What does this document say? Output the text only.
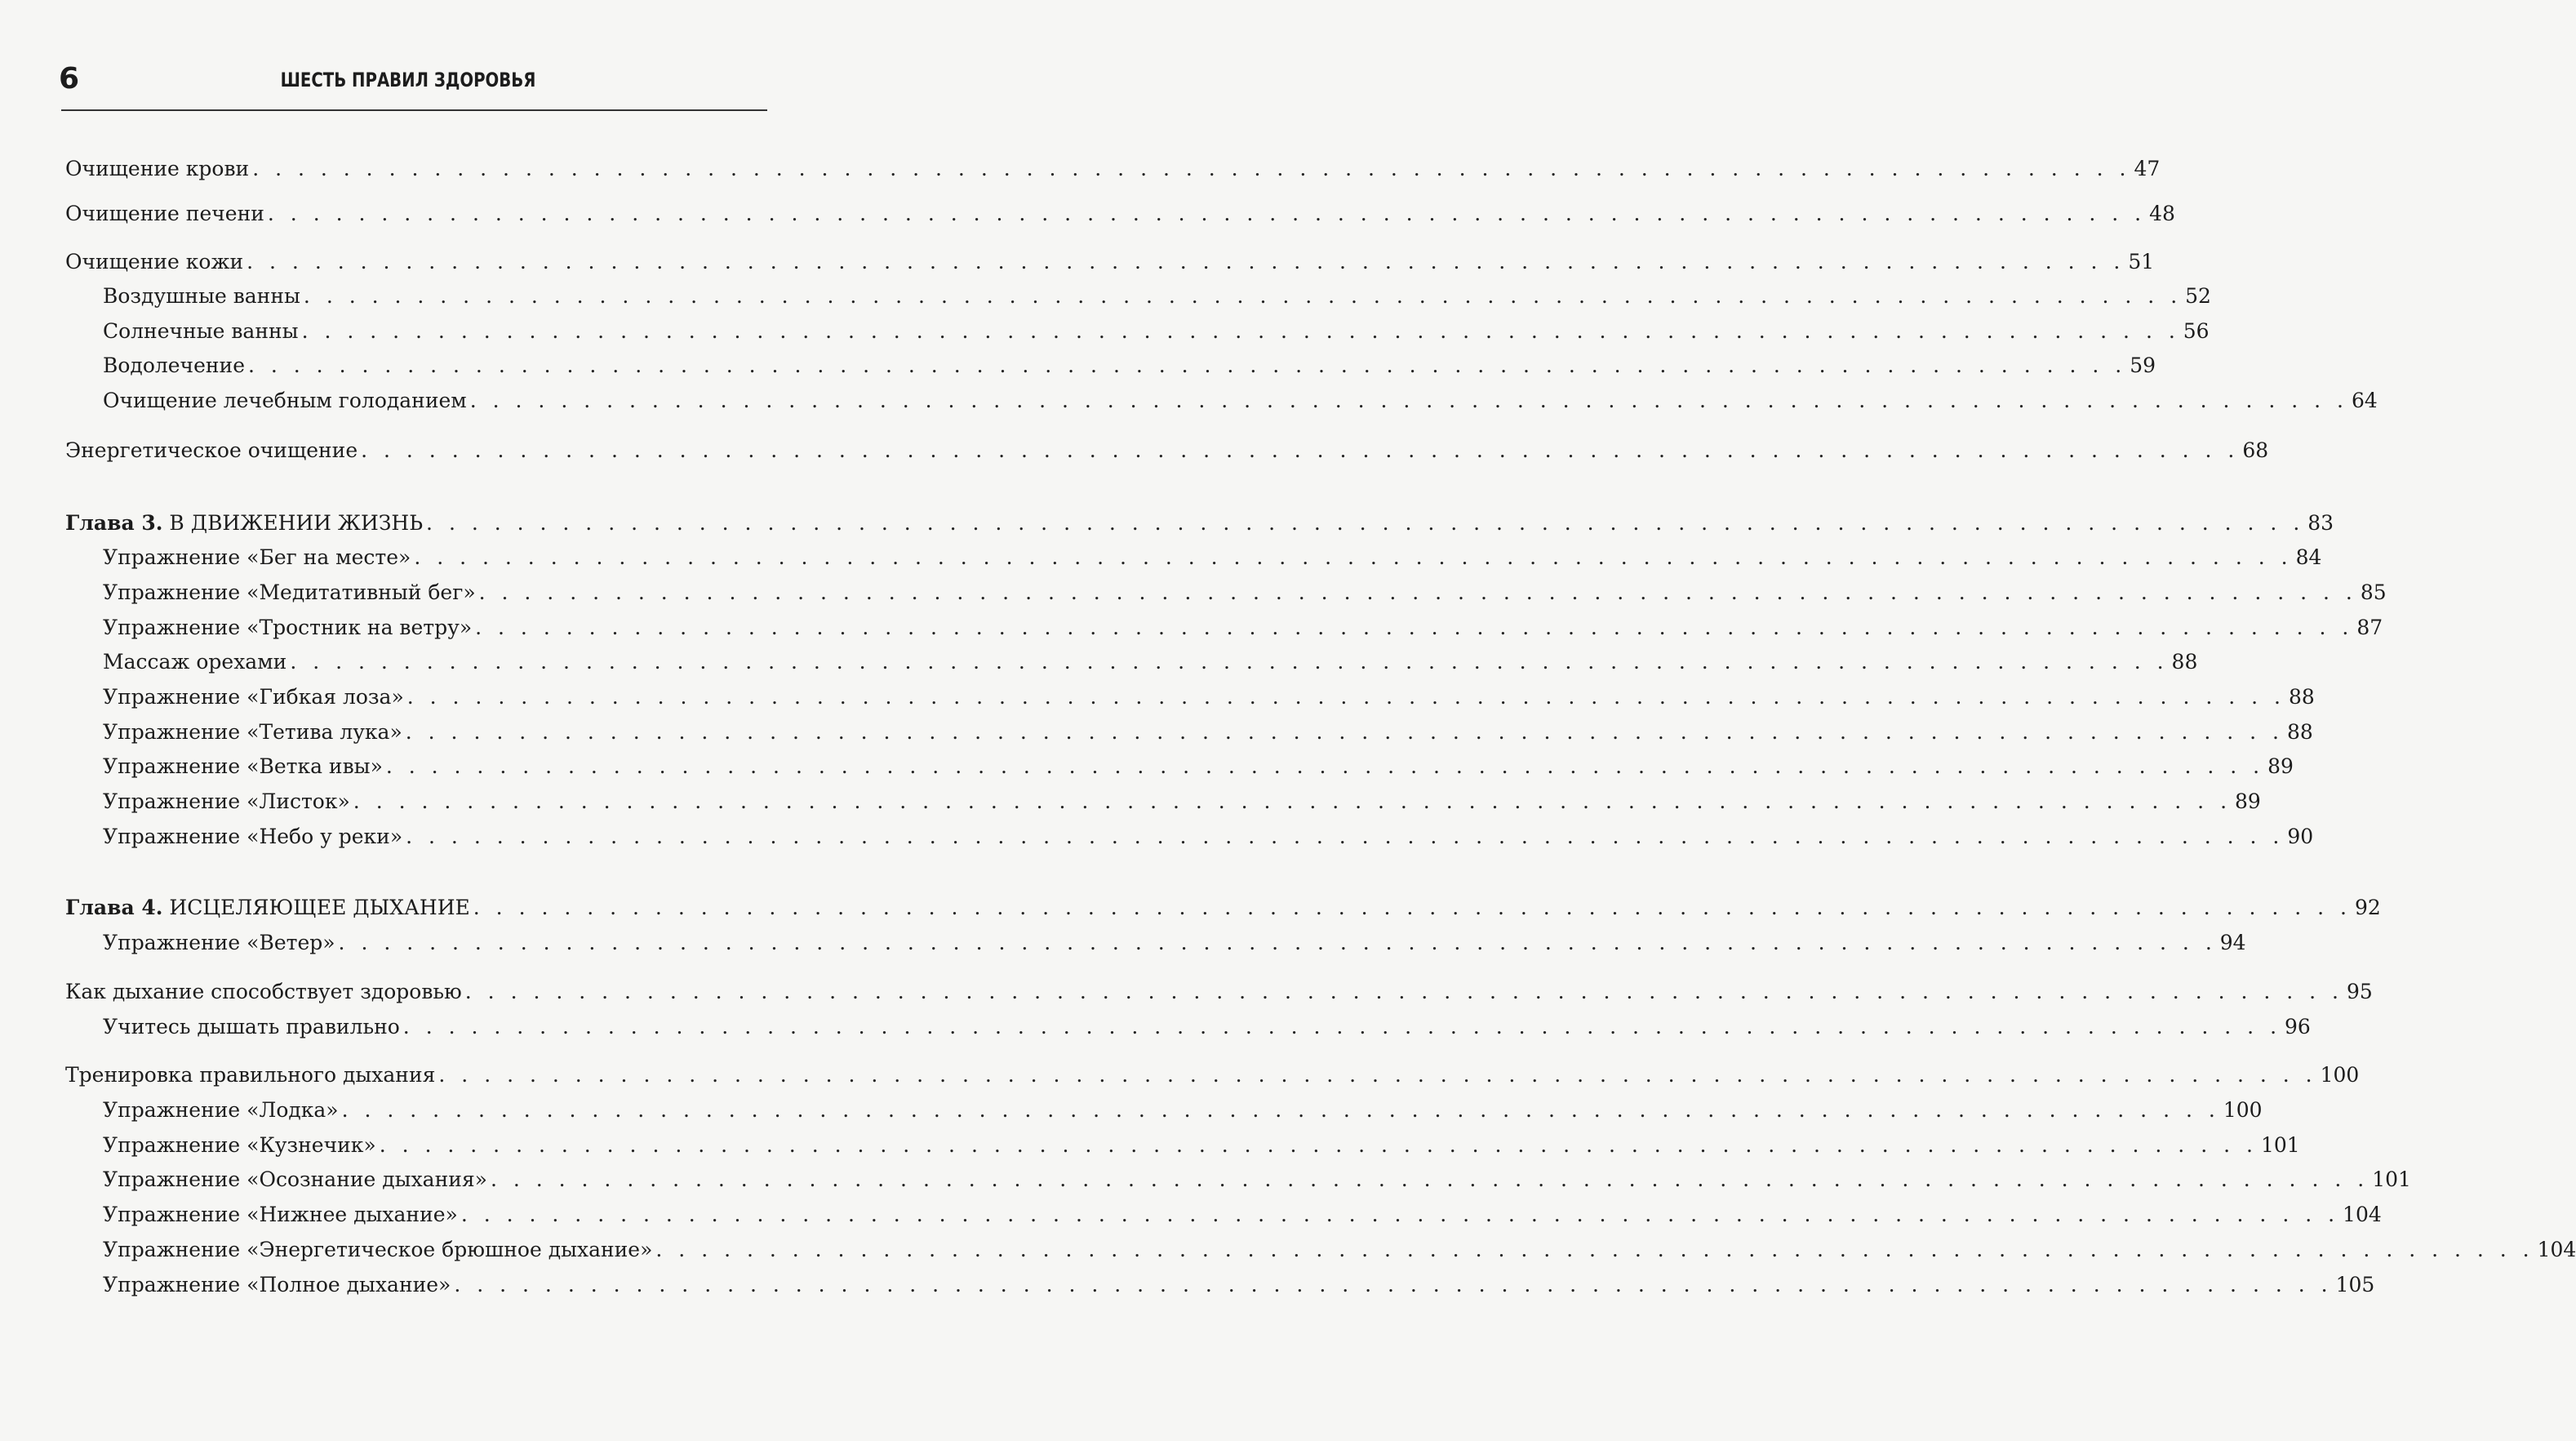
6	ШЕСТЬ ПРАВИЛ ЗДОРОВЬЯ
Очищение крови . . . . . . . . . . . . . . . . . . . . . . . . . . . . . . . . . . . . . . . . . . . . . . . . . . . . . . . . . . . . . . . . . . . . . . . . . . . . . . . . . . . 47
Очищение печени . . . . . . . . . . . . . . . . . . . . . . . . . . . . . . . . . . . . . . . . . . . . . . . . . . . . . . . . . . . . . . . . . . . . . . . . . . . . . . . . . . . 48
Очищение кожи . . . . . . . . . . . . . . . . . . . . . . . . . . . . . . . . . . . . . . . . . . . . . . . . . . . . . . . . . . . . . . . . . . . . . . . . . . . . . . . . . . . 51
Воздушные ванны . . . . . . . . . . . . . . . . . . . . . . . . . . . . . . . . . . . . . . . . . . . . . . . . . . . . . . . . . . . . . . . . . . . . . . . . . . . . . . . . . . . 52
Солнечные ванны . . . . . . . . . . . . . . . . . . . . . . . . . . . . . . . . . . . . . . . . . . . . . . . . . . . . . . . . . . . . . . . . . . . . . . . . . . . . . . . . . . . 56
Водолечение . . . . . . . . . . . . . . . . . . . . . . . . . . . . . . . . . . . . . . . . . . . . . . . . . . . . . . . . . . . . . . . . . . . . . . . . . . . . . . . . . . . 59
Очищение лечебным голоданием . . . . . . . . . . . . . . . . . . . . . . . . . . . . . . . . . . . . . . . . . . . . . . . . . . . . . . . . . . . . . . . . . . . . . . . . . . . . . . . . . . . 64
Энергетическое очищение . . . . . . . . . . . . . . . . . . . . . . . . . . . . . . . . . . . . . . . . . . . . . . . . . . . . . . . . . . . . . . . . . . . . . . . . . . . . . . . . . . . 68
Глава 3. В ДВИЖЕНИИ ЖИЗНЬ . . . . . . . . . . . . . . . . . . . . . . . . . . . . . . . . . . . . . . . . . . . . . . . . . . . . . . . . . . . . . . . . . . . . . . . . . . . . . . . . . . . 83
Упражнение «Бег на месте» . . . . . . . . . . . . . . . . . . . . . . . . . . . . . . . . . . . . . . . . . . . . . . . . . . . . . . . . . . . . . . . . . . . . . . . . . . . . . . . . . . . 84
Упражнение «Медитативный бег» . . . . . . . . . . . . . . . . . . . . . . . . . . . . . . . . . . . . . . . . . . . . . . . . . . . . . . . . . . . . . . . . . . . . . . . . . . . . . . . . . . . 85
Упражнение «Тростник на ветру» . . . . . . . . . . . . . . . . . . . . . . . . . . . . . . . . . . . . . . . . . . . . . . . . . . . . . . . . . . . . . . . . . . . . . . . . . . . . . . . . . . . 87
Массаж орехами . . . . . . . . . . . . . . . . . . . . . . . . . . . . . . . . . . . . . . . . . . . . . . . . . . . . . . . . . . . . . . . . . . . . . . . . . . . . . . . . . . . 88
Упражнение «Гибкая лоза» . . . . . . . . . . . . . . . . . . . . . . . . . . . . . . . . . . . . . . . . . . . . . . . . . . . . . . . . . . . . . . . . . . . . . . . . . . . . . . . . . . . 88
Упражнение «Тетива лука» . . . . . . . . . . . . . . . . . . . . . . . . . . . . . . . . . . . . . . . . . . . . . . . . . . . . . . . . . . . . . . . . . . . . . . . . . . . . . . . . . . . 88
Упражнение «Ветка ивы» . . . . . . . . . . . . . . . . . . . . . . . . . . . . . . . . . . . . . . . . . . . . . . . . . . . . . . . . . . . . . . . . . . . . . . . . . . . . . . . . . . . 89
Упражнение «Листок» . . . . . . . . . . . . . . . . . . . . . . . . . . . . . . . . . . . . . . . . . . . . . . . . . . . . . . . . . . . . . . . . . . . . . . . . . . . . . . . . . . . 89
Упражнение «Небо у реки» . . . . . . . . . . . . . . . . . . . . . . . . . . . . . . . . . . . . . . . . . . . . . . . . . . . . . . . . . . . . . . . . . . . . . . . . . . . . . . . . . . . 90
Глава 4. ИСЦЕЛЯЮЩЕЕ ДЫХАНИЕ . . . . . . . . . . . . . . . . . . . . . . . . . . . . . . . . . . . . . . . . . . . . . . . . . . . . . . . . . . . . . . . . . . . . . . . . . . . . . . . . . . . 92
Упражнение «Ветер» . . . . . . . . . . . . . . . . . . . . . . . . . . . . . . . . . . . . . . . . . . . . . . . . . . . . . . . . . . . . . . . . . . . . . . . . . . . . . . . . . . . 94
Как дыхание способствует здоровью . . . . . . . . . . . . . . . . . . . . . . . . . . . . . . . . . . . . . . . . . . . . . . . . . . . . . . . . . . . . . . . . . . . . . . . . . . . . . . . . . . . 95
Учитесь дышать правильно . . . . . . . . . . . . . . . . . . . . . . . . . . . . . . . . . . . . . . . . . . . . . . . . . . . . . . . . . . . . . . . . . . . . . . . . . . . . . . . . . . . 96
Тренировка правильного дыхания . . . . . . . . . . . . . . . . . . . . . . . . . . . . . . . . . . . . . . . . . . . . . . . . . . . . . . . . . . . . . . . . . . . . . . . . . . . . . . . . . . . 100
Упражнение «Лодка» . . . . . . . . . . . . . . . . . . . . . . . . . . . . . . . . . . . . . . . . . . . . . . . . . . . . . . . . . . . . . . . . . . . . . . . . . . . . . . . . . . . 100
Упражнение «Кузнечик» . . . . . . . . . . . . . . . . . . . . . . . . . . . . . . . . . . . . . . . . . . . . . . . . . . . . . . . . . . . . . . . . . . . . . . . . . . . . . . . . . . . 101
Упражнение «Осознание дыхания» . . . . . . . . . . . . . . . . . . . . . . . . . . . . . . . . . . . . . . . . . . . . . . . . . . . . . . . . . . . . . . . . . . . . . . . . . . . . . . . . . . . 101
Упражнение «Нижнее дыхание» . . . . . . . . . . . . . . . . . . . . . . . . . . . . . . . . . . . . . . . . . . . . . . . . . . . . . . . . . . . . . . . . . . . . . . . . . . . . . . . . . . . 104
Упражнение «Энергетическое брюшное дыхание» . . . . . . . . . . . . . . . . . . . . . . . . . . . . . . . . . . . . . . . . . . . . . . . . . . . . . . . . . . . . . . . . . . . . . . . . . . . . . . . . . . . 104
Упражнение «Полное дыхание» . . . . . . . . . . . . . . . . . . . . . . . . . . . . . . . . . . . . . . . . . . . . . . . . . . . . . . . . . . . . . . . . . . . . . . . . . . . . . . . . . . . 105
